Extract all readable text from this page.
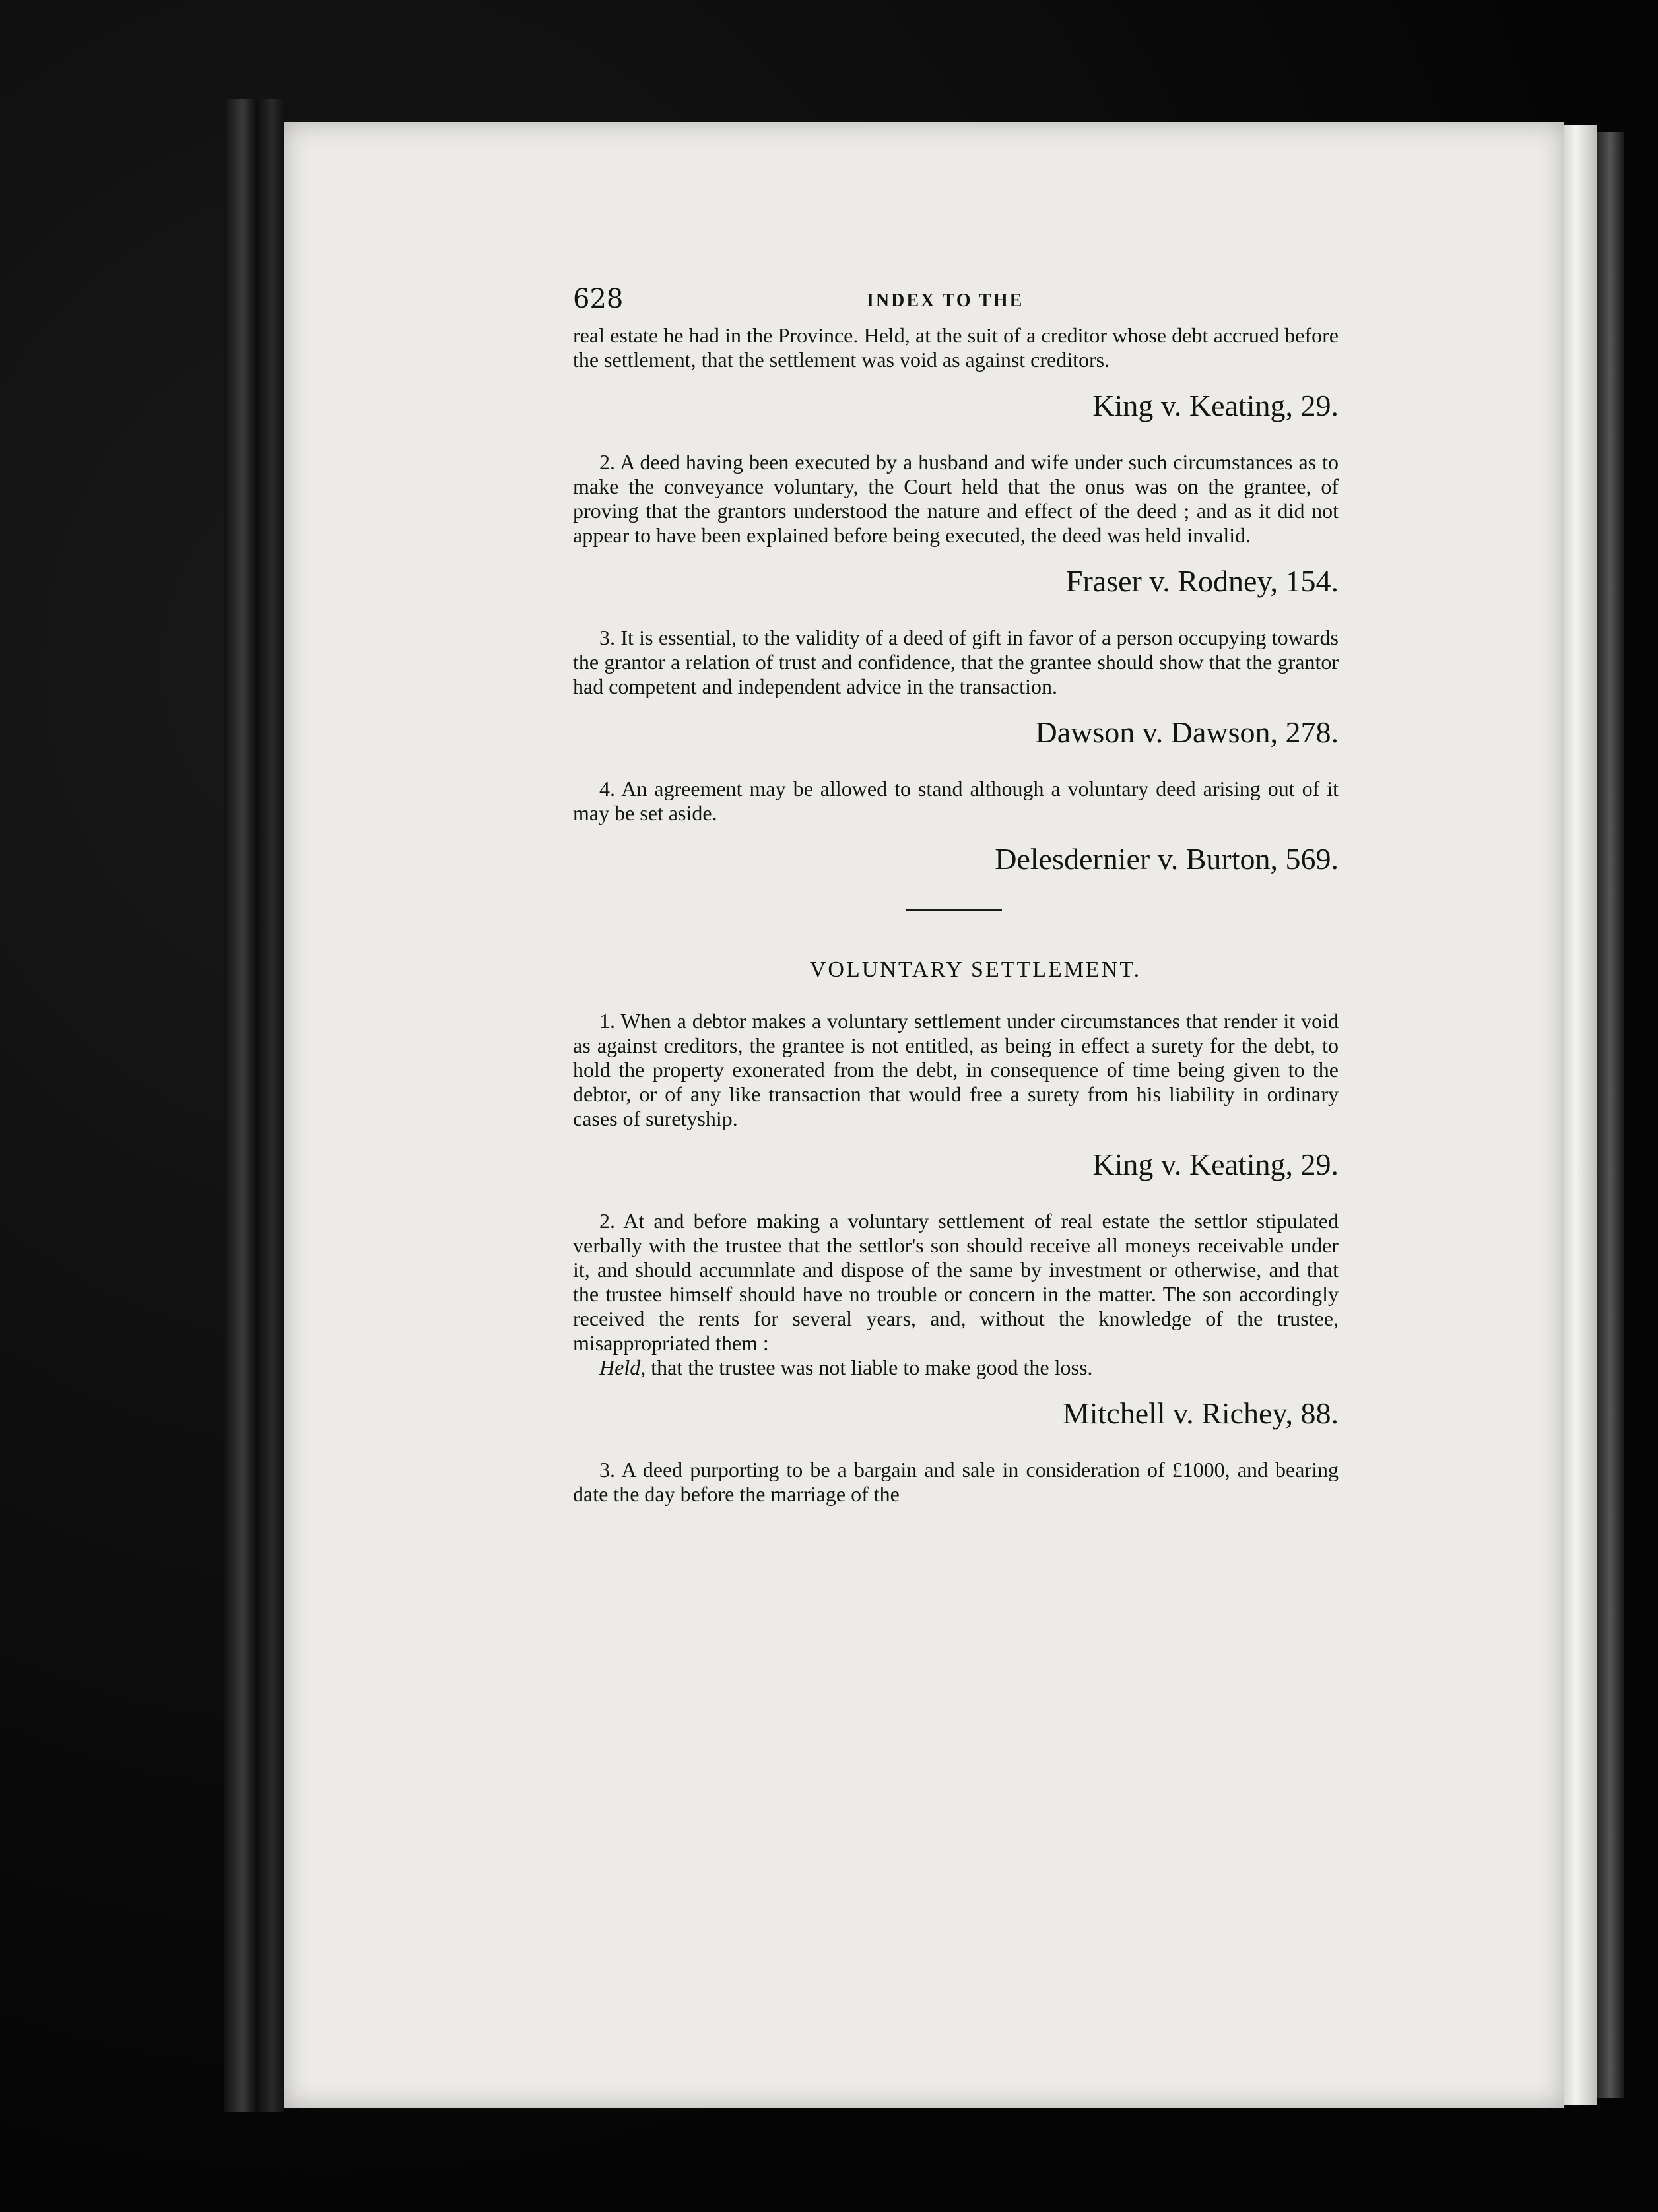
628	INDEX TO THE

real estate he had in the Province. Held, at the suit of a creditor whose debt accrued before the settlement, that the settlement was void as against creditors.

King v. Keating, 29.

2. A deed having been executed by a husband and wife under such circumstances as to make the conveyance voluntary, the Court held that the onus was on the grantee, of proving that the grantors understood the nature and effect of the deed ; and as it did not appear to have been explained before being executed, the deed was held invalid.

Fraser v. Rodney, 154.

3. It is essential, to the validity of a deed of gift in favor of a person occupying towards the grantor a relation of trust and confidence, that the grantee should show that the grantor had competent and independent advice in the transaction.

Dawson v. Dawson, 278.

4. An agreement may be allowed to stand although a voluntary deed arising out of it may be set aside.

Delesdernier v. Burton, 569.
VOLUNTARY SETTLEMENT.

1. When a debtor makes a voluntary settlement under circumstances that render it void as against creditors, the grantee is not entitled, as being in effect a surety for the debt, to hold the property exonerated from the debt, in consequence of time being given to the debtor, or of any like transaction that would free a surety from his liability in ordinary cases of suretyship.

King v. Keating, 29.

2. At and before making a voluntary settlement of real estate the settlor stipulated verbally with the trustee that the settlor's son should receive all moneys receivable under it, and should accumnlate and dispose of the same by investment or otherwise, and that the trustee himself should have no trouble or concern in the matter. The son accordingly received the rents for several years, and, without the knowledge of the trustee, misappropriated them :

Held, that the trustee was not liable to make good the loss.

Mitchell v. Richey, 88.

3. A deed purporting to be a bargain and sale in consideration of £1000, and bearing date the day before the marriage of the
